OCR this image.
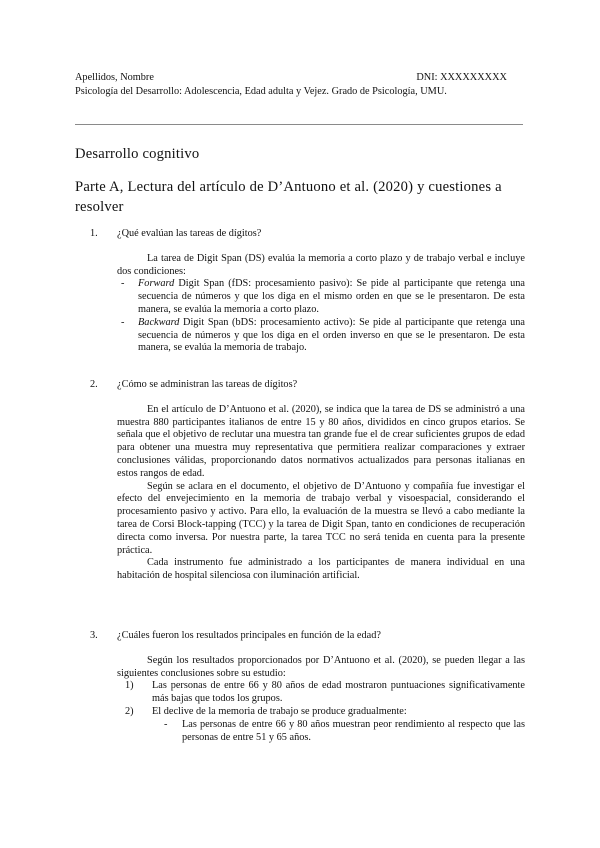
Apellidos, Nombre	DNI: XXXXXXXXX
Psicología del Desarrollo: Adolescencia, Edad adulta y Vejez. Grado de Psicología, UMU.
Desarrollo cognitivo
Parte A, Lectura del artículo de D’Antuono et al. (2020) y cuestiones a resolver
1.	¿Qué evalúan las tareas de dígitos?

La tarea de Digit Span (DS) evalúa la memoria a corto plazo y de trabajo verbal e incluye dos condiciones:

-	Forward Digit Span (fDS: procesamiento pasivo): Se pide al participante que retenga una secuencia de números y que los diga en el mismo orden en que se le presentaron. De esta manera, se evalúa la memoria a corto plazo.
-	Backward Digit Span (bDS: procesamiento activo): Se pide al participante que retenga una secuencia de números y que los diga en el orden inverso en que se le presentaron. De esta manera, se evalúa la memoria de trabajo.
2.	¿Cómo se administran las tareas de dígitos?

En el artículo de D’Antuono et al. (2020), se indica que la tarea de DS se administró a una muestra 880 participantes italianos de entre 15 y 80 años, divididos en cinco grupos etarios. Se señala que el objetivo de reclutar una muestra tan grande fue el de crear suficientes grupos de edad para obtener una muestra muy representativa que permitiera realizar comparaciones y extraer conclusiones válidas, proporcionando datos normativos actualizados para personas italianas en estos rangos de edad.

Según se aclara en el documento, el objetivo de D’Antuono y compañía fue investigar el efecto del envejecimiento en la memoria de trabajo verbal y visoespacial, considerando el procesamiento pasivo y activo. Para ello, la evaluación de la muestra se llevó a cabo mediante la tarea de Corsi Block-tapping (TCC) y la tarea de Digit Span, tanto en condiciones de recuperación directa como inversa. Por nuestra parte, la tarea TCC no será tenida en cuenta para la presente práctica.

Cada instrumento fue administrado a los participantes de manera individual en una habitación de hospital silenciosa con iluminación artificial.

3.	¿Cuáles fueron los resultados principales en función de la edad?

Según los resultados proporcionados por D’Antuono et al. (2020), se pueden llegar a las siguientes conclusiones sobre su estudio:

1)	Las personas de entre 66 y 80 años de edad mostraron puntuaciones significativamente más bajas que todos los grupos.
2)	El declive de la memoria de trabajo se produce gradualmente:
-	Las personas de entre 66 y 80 años muestran peor rendimiento al respecto que las personas de entre 51 y 65 años.
